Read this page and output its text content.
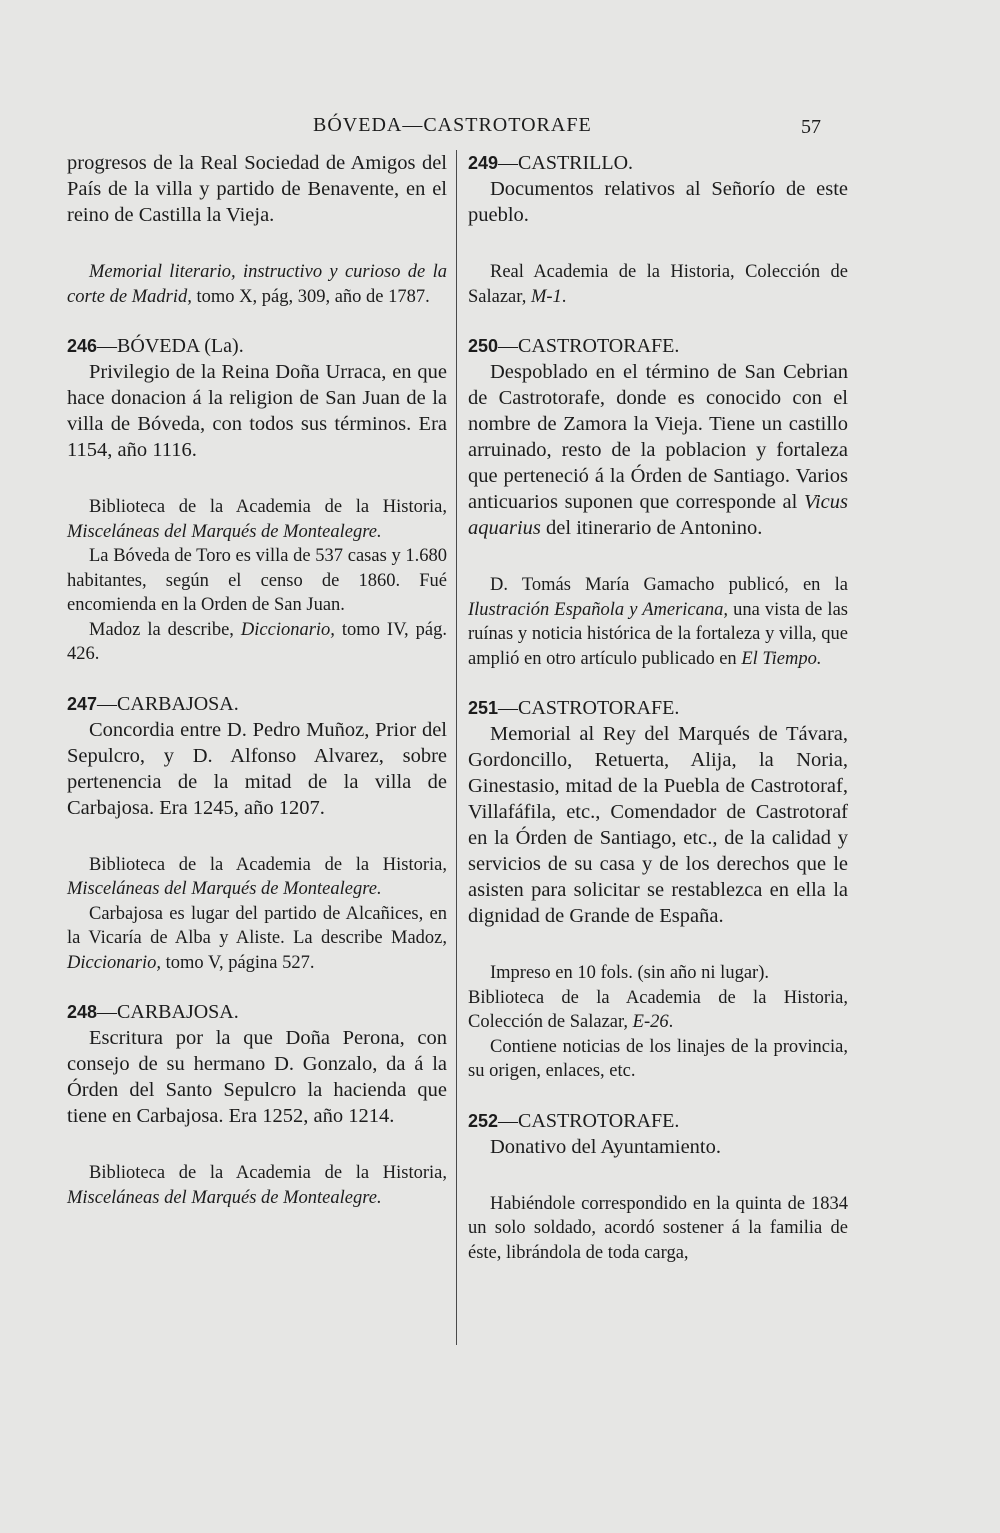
BÓVEDA—CASTROTORAFE	57

progresos de la Real Sociedad de Amigos del País de la villa y partido de Benavente, en el reino de Castilla la Vieja.

Memorial literario, instructivo y curioso de la corte de Madrid, tomo X, pág, 309, año de 1787.

246—BÓVEDA (La).

Privilegio de la Reina Doña Urraca, en que hace donacion á la religion de San Juan de la villa de Bóveda, con todos sus términos. Era 1154, año 1116.

Biblioteca de la Academia de la Historia, Misceláneas del Marqués de Montealegre.

La Bóveda de Toro es villa de 537 casas y 1.680 habitantes, según el censo de 1860. Fué encomienda en la Orden de San Juan.

Madoz la describe, Diccionario, tomo IV, pág. 426.

247—CARBAJOSA.

Concordia entre D. Pedro Muñoz, Prior del Sepulcro, y D. Alfonso Alvarez, sobre pertenencia de la mitad de la villa de Carbajosa. Era 1245, año 1207.

Biblioteca de la Academia de la Historia, Misceláneas del Marqués de Montealegre.

Carbajosa es lugar del partido de Alcañices, en la Vicaría de Alba y Aliste. La describe Madoz, Diccionario, tomo V, página 527.

248—CARBAJOSA.

Escritura por la que Doña Perona, con consejo de su hermano D. Gonzalo, da á la Órden del Santo Sepulcro la hacienda que tiene en Carbajosa. Era 1252, año 1214.

Biblioteca de la Academia de la Historia, Misceláneas del Marqués de Montealegre.

249—CASTRILLO.

Documentos relativos al Señorío de este pueblo.

Real Academia de la Historia, Colección de Salazar, M-1.

250—CASTROTORAFE.

Despoblado en el término de San Cebrian de Castrotorafe, donde es conocido con el nombre de Zamora la Vieja. Tiene un castillo arruinado, resto de la poblacion y fortaleza que perteneció á la Órden de Santiago. Varios anticuarios suponen que corresponde al Vicus aquarius del itinerario de Antonino.

D. Tomás María Gamacho publicó, en la Ilustración Española y Americana, una vista de las ruínas y noticia histórica de la fortaleza y villa, que amplió en otro artículo publicado en El Tiempo.

251—CASTROTORAFE.

Memorial al Rey del Marqués de Távara, Gordoncillo, Retuerta, Alija, la Noria, Ginestasio, mitad de la Puebla de Castrotoraf, Villafáfila, etc., Comendador de Castrotoraf en la Órden de Santiago, etc., de la calidad y servicios de su casa y de los derechos que le asisten para solicitar se restablezca en ella la dignidad de Grande de España.

Impreso en 10 fols. (sin año ni lugar).

Biblioteca de la Academia de la Historia, Colección de Salazar, E-26.

Contiene noticias de los linajes de la provincia, su origen, enlaces, etc.

252—CASTROTORAFE.

Donativo del Ayuntamiento.

Habiéndole correspondido en la quinta de 1834 un solo soldado, acordó sostener á la familia de éste, librándola de toda carga,
